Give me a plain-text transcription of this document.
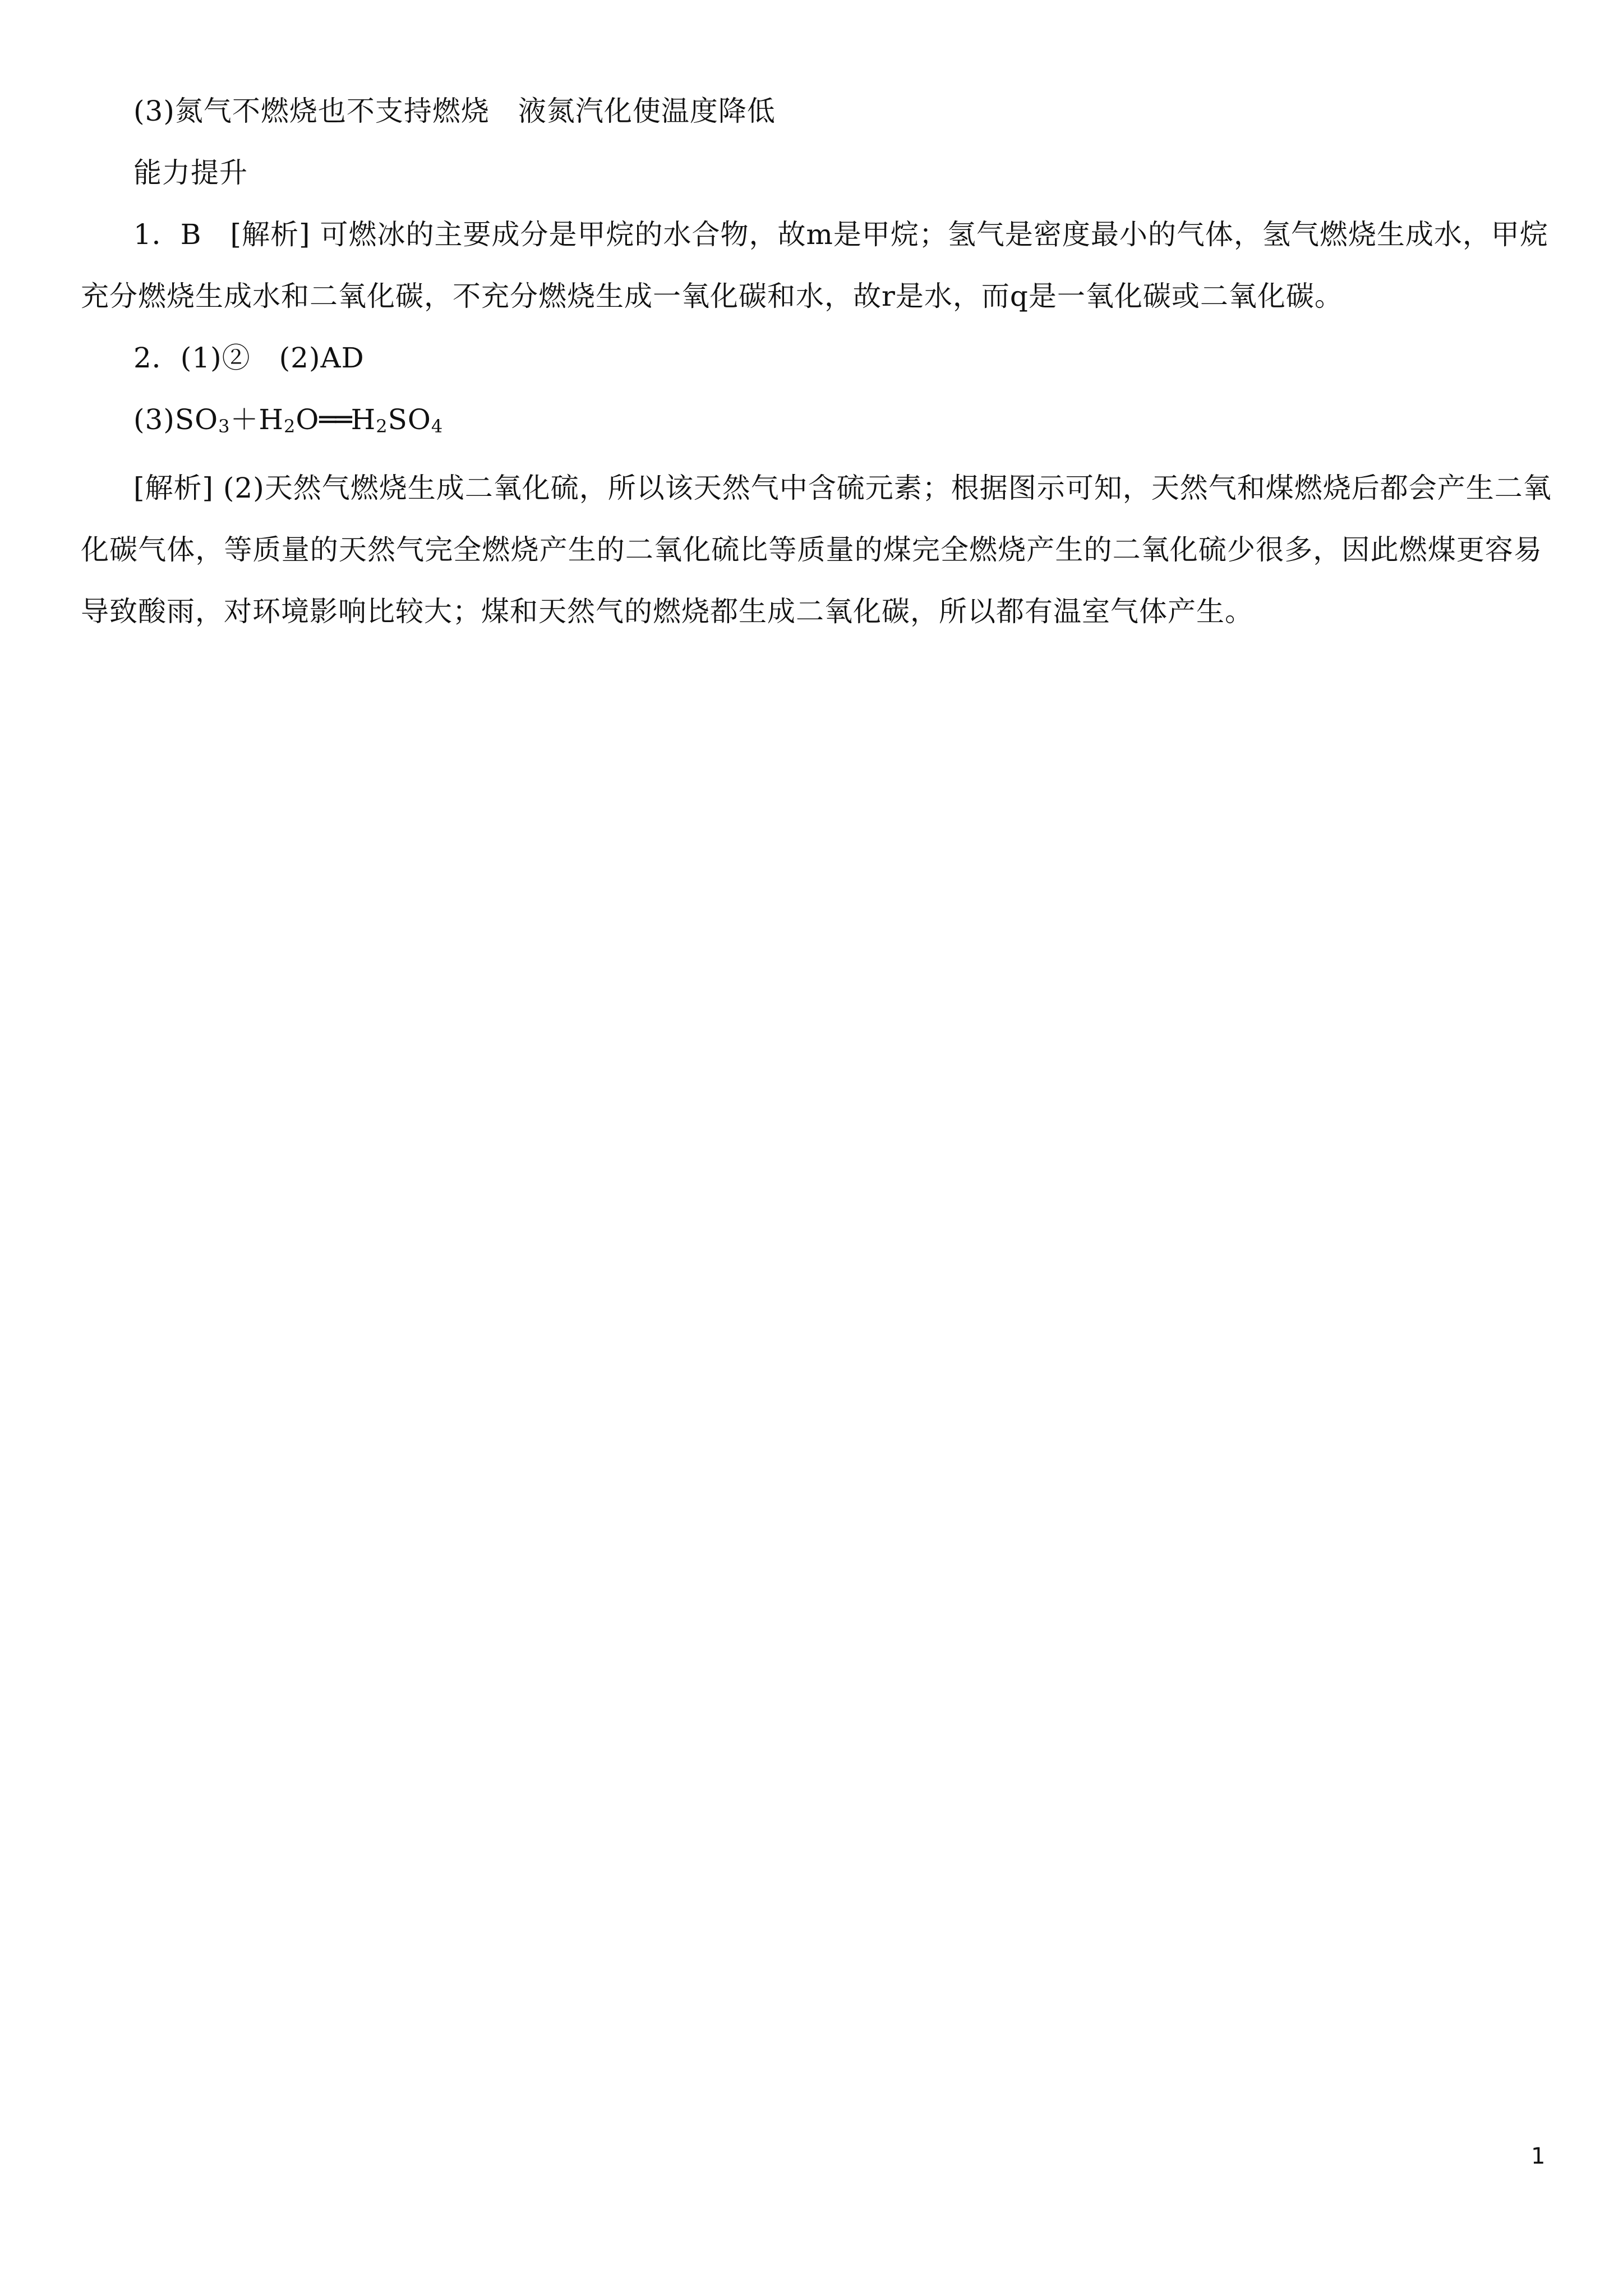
(3)氮气不燃烧也不支持燃烧　液氮汽化使温度降低
能力提升
1．B　[解析] 可燃冰的主要成分是甲烷的水合物，故m是甲烷；氢气是密度最小的气体，氢气燃烧生成水，甲烷
充分燃烧生成水和二氧化碳，不充分燃烧生成一氧化碳和水，故r是水，而q是一氧化碳或二氧化碳。
2．(1)②　(2)AD
$(3)SO_3+H_2O══H_2SO_4$
[解析] (2)天然气燃烧生成二氧化硫，所以该天然气中含硫元素；根据图示可知，天然气和煤燃烧后都会产生二氧
化碳气体，等质量的天然气完全燃烧产生的二氧化硫比等质量的煤完全燃烧产生的二氧化硫少很多，因此燃煤更容易
导致酸雨，对环境影响比较大；煤和天然气的燃烧都生成二氧化碳，所以都有温室气体产生。
1
